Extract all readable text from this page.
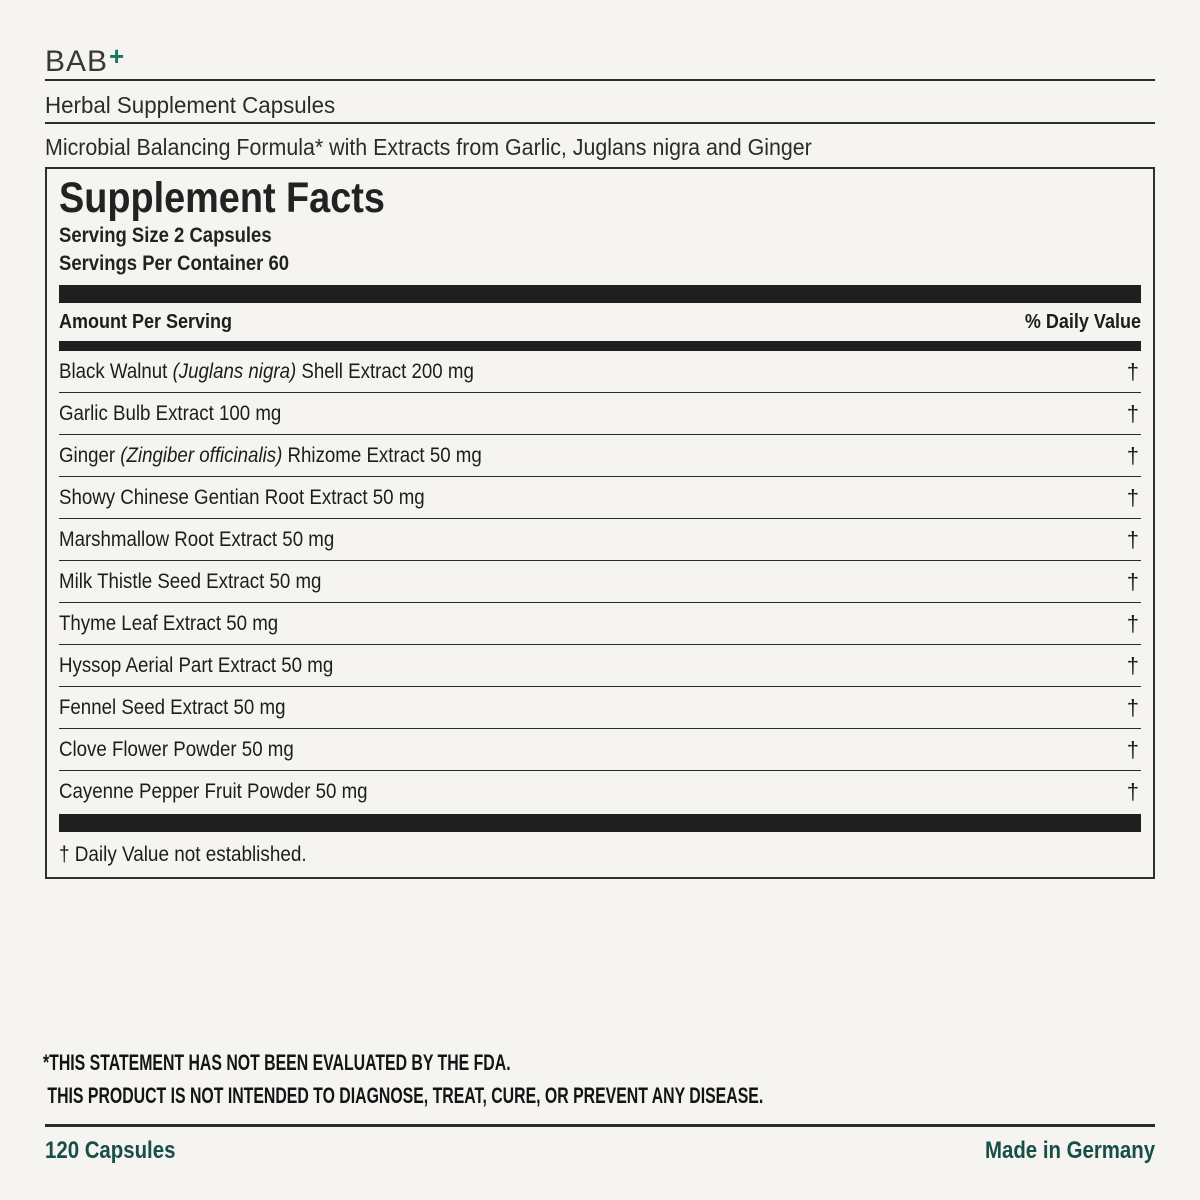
BAB+
Herbal Supplement Capsules
Microbial Balancing Formula* with Extracts from Garlic, Juglans nigra and Ginger
Supplement Facts
Serving Size 2 Capsules
Servings Per Container 60
Amount Per Serving	% Daily Value
Black Walnut (Juglans nigra) Shell Extract 200 mg	†
Garlic Bulb Extract 100 mg	†
Ginger (Zingiber officinalis) Rhizome Extract 50 mg	†
Showy Chinese Gentian Root Extract 50 mg	†
Marshmallow Root Extract 50 mg	†
Milk Thistle Seed Extract 50 mg	†
Thyme Leaf Extract 50 mg	†
Hyssop Aerial Part Extract 50 mg	†
Fennel Seed Extract 50 mg	†
Clove Flower Powder 50 mg	†
Cayenne Pepper Fruit Powder 50 mg	†
† Daily Value not established.
*THIS STATEMENT HAS NOT BEEN EVALUATED BY THE FDA.
THIS PRODUCT IS NOT INTENDED TO DIAGNOSE, TREAT, CURE, OR PREVENT ANY DISEASE.
120 Capsules	Made in Germany
